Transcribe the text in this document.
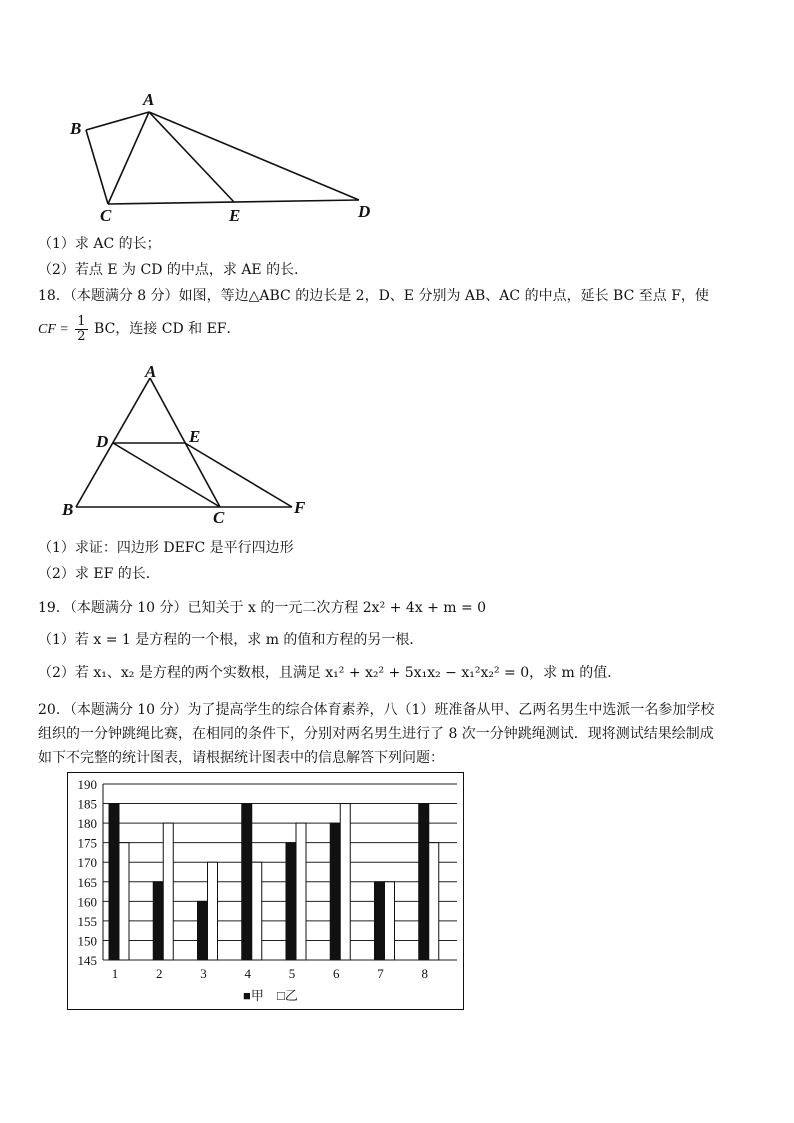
A
B
C	E	D
（1）求 AC 的长；
（2）若点 E 为 CD 的中点，求 AE 的长．
18．（本题满分 8 分）如图，等边△ABC 的边长是 2，D、E 分别为 AB、AC 的中点，延长 BC 至点 F，使
CF = $\frac{1}{2}$ BC，连接 CD 和 EF．
A
D	E
B	C
F
（1）求证：四边形 DEFC 是平行四边形
（2）求 EF 的长．
19．（本题满分 10 分）已知关于 x 的一元二次方程 2x² + 4x + m = 0
（1）若 x = 1 是方程的一个根，求 m 的值和方程的另一根．
（2）若 x₁、x₂ 是方程的两个实数根，且满足 x₁² + x₂² + 5x₁x₂ − x₁²x₂² = 0，求 m 的值．
20．（本题满分 10 分）为了提高学生的综合体育素养，八（1）班准备从甲、乙两名男生中选派一名参加学校
组织的一分钟跳绳比赛，在相同的条件下，分别对两名男生进行了 8 次一分钟跳绳测试．现将测试结果绘制成
如下不完整的统计图表，请根据统计图表中的信息解答下列问题：
190
185
180
175
170
165
160
155
150
145
1	2	3	4	5	6	7	8
■甲 □乙
